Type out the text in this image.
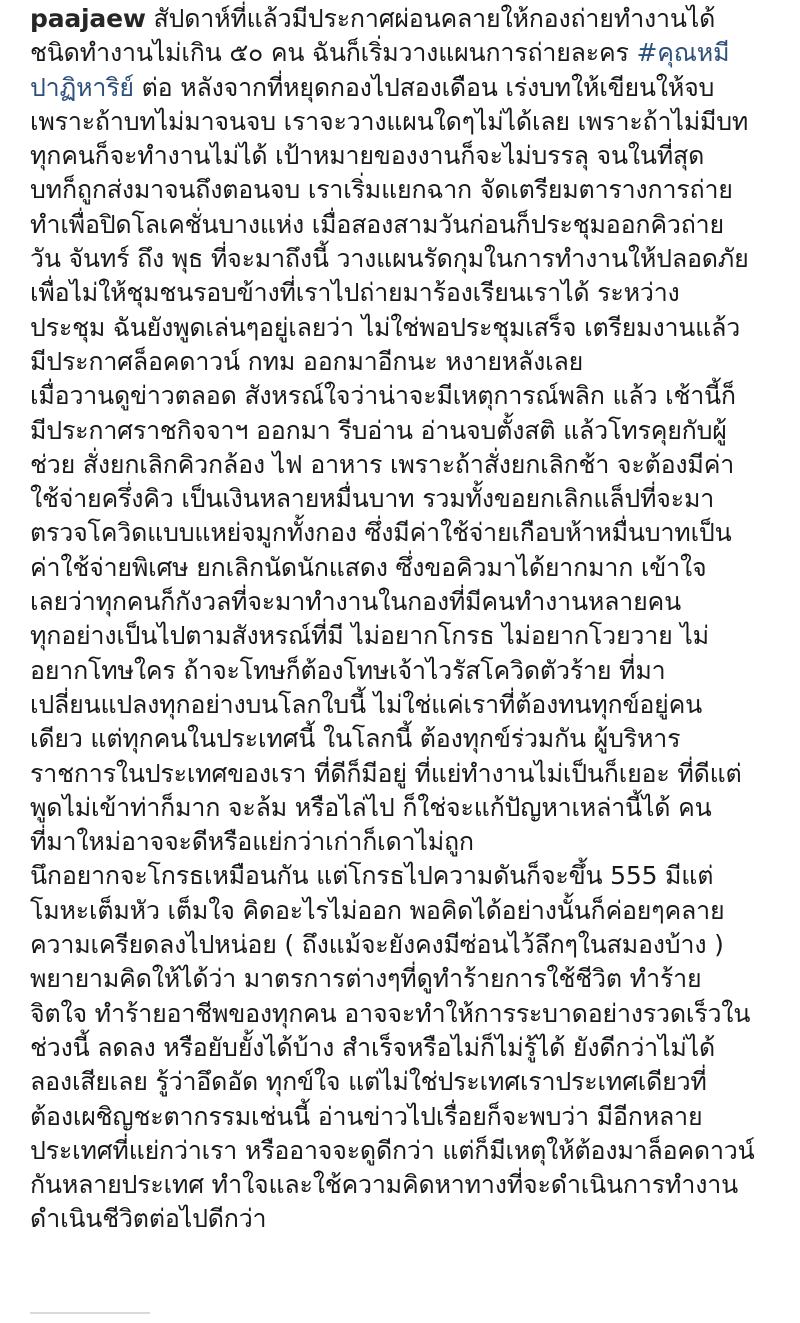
paajaew สัปดาห์ที่แล้วมีประกาศผ่อนคลายให้กองถ่ายทำงานได้

ชนิดทำงานไม่เกิน ๕๐ คน ฉันก็เริ่มวางแผนการถ่ายละคร #คุณหมี

ปาฏิหาริย์ ต่อ หลังจากที่หยุดกองไปสองเดือน เร่งบทให้เขียนให้จบ

เพราะถ้าบทไม่มาจนจบ เราจะวางแผนใดๆไม่ได้เลย เพราะถ้าไม่มีบท

ทุกคนก็จะทำงานไม่ได้ เป้าหมายของงานก็จะไม่บรรลุ จนในที่สุด

บทก็ถูกส่งมาจนถึงตอนจบ เราเริ่มแยกฉาก จัดเตรียมตารางการถ่าย

ทำเพื่อปิดโลเคชั่นบางแห่ง เมื่อสองสามวันก่อนก็ประชุมออกคิวถ่าย

วัน จันทร์ ถึง พุธ ที่จะมาถึงนี้ วางแผนรัดกุมในการทำงานให้ปลอดภัย

เพื่อไม่ให้ชุมชนรอบข้างที่เราไปถ่ายมาร้องเรียนเราได้ ระหว่าง

ประชุม ฉันยังพูดเล่นๆอยู่เลยว่า ไม่ใช่พอประชุมเสร็จ เตรียมงานแล้ว

มีประกาศล็อคดาวน์ กทม ออกมาอีกนะ หงายหลังเลย

เมื่อวานดูข่าวตลอด สังหรณ์ใจว่าน่าจะมีเหตุการณ์พลิก แล้ว เช้านี้ก็

มีประกาศราชกิจจาฯ ออกมา รีบอ่าน อ่านจบตั้งสติ แล้วโทรคุยกับผู้

ช่วย สั่งยกเลิกคิวกล้อง ไฟ อาหาร เพราะถ้าสั่งยกเลิกช้า จะต้องมีค่า

ใช้จ่ายครึ่งคิว เป็นเงินหลายหมื่นบาท รวมทั้งขอยกเลิกแล็ปที่จะมา

ตรวจโควิดแบบแหย่จมูกทั้งกอง ซึ่งมีค่าใช้จ่ายเกือบห้าหมื่นบาทเป็น

ค่าใช้จ่ายพิเศษ ยกเลิกนัดนักแสดง ซึ่งขอคิวมาได้ยากมาก เข้าใจ

เลยว่าทุกคนก็กังวลที่จะมาทำงานในกองที่มีคนทำงานหลายคน

ทุกอย่างเป็นไปตามสังหรณ์ที่มี ไม่อยากโกรธ ไม่อยากโวยวาย ไม่

อยากโทษใคร ถ้าจะโทษก็ต้องโทษเจ้าไวรัสโควิดตัวร้าย ที่มา

เปลี่ยนแปลงทุกอย่างบนโลกใบนี้ ไม่ใช่แค่เราที่ต้องทนทุกข์อยู่คน

เดียว แต่ทุกคนในประเทศนี้ ในโลกนี้ ต้องทุกข์ร่วมกัน ผู้บริหาร

ราชการในประเทศของเรา ที่ดีก็มีอยู่ ที่แย่ทำงานไม่เป็นก็เยอะ ที่ดีแต่

พูดไม่เข้าท่าก็มาก จะล้ม หรือไล่ไป ก็ใช่จะแก้ปัญหาเหล่านี้ได้ คน

ที่มาใหม่อาจจะดีหรือแย่กว่าเก่าก็เดาไม่ถูก

นึกอยากจะโกรธเหมือนกัน แต่โกรธไปความดันก็จะขึ้น 555 มีแต่

โมหะเต็มหัว เต็มใจ คิดอะไรไม่ออก พอคิดได้อย่างนั้นก็ค่อยๆคลาย

ความเครียดลงไปหน่อย ( ถึงแม้จะยังคงมีซ่อนไว้ลึกๆในสมองบ้าง )

พยายามคิดให้ได้ว่า มาตรการต่างๆที่ดูทำร้ายการใช้ชีวิต ทำร้าย

จิตใจ ทำร้ายอาชีพของทุกคน อาจจะทำให้การระบาดอย่างรวดเร็วใน

ช่วงนี้ ลดลง หรือยับยั้งได้บ้าง สำเร็จหรือไม่ก็ไม่รู้ได้ ยังดีกว่าไม่ได้

ลองเสียเลย รู้ว่าอึดอัด ทุกข์ใจ แต่ไม่ใช่ประเทศเราประเทศเดียวที่

ต้องเผชิญชะตากรรมเช่นนี้ อ่านข่าวไปเรื่อยก็จะพบว่า มีอีกหลาย

ประเทศที่แย่กว่าเรา หรืออาจจะดูดีกว่า แต่ก็มีเหตุให้ต้องมาล็อคดาวน์

กันหลายประเทศ ทำใจและใช้ความคิดหาทางที่จะดำเนินการทำงาน

ดำเนินชีวิตต่อไปดีกว่า
